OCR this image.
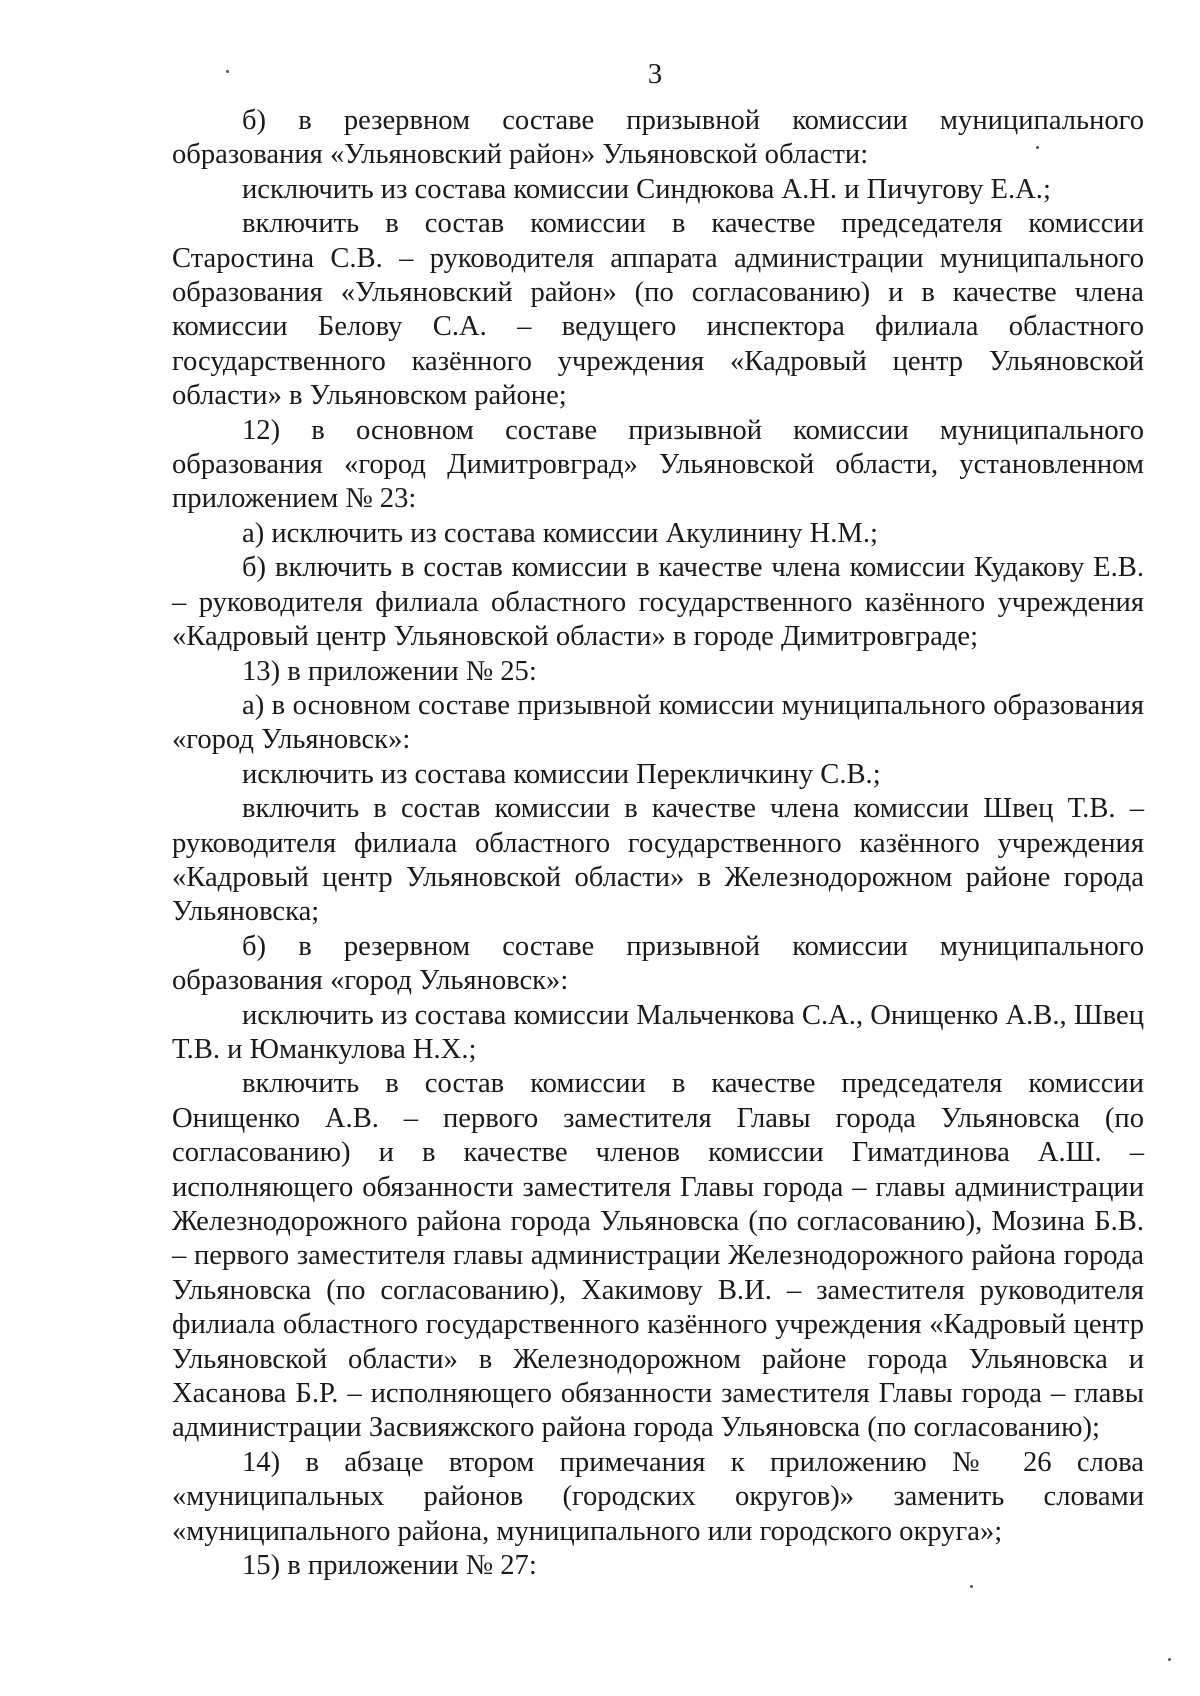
3

б) в резервном составе призывной комиссии муниципального образования «Ульяновский район» Ульяновской области:

исключить из состава комиссии Синдюкова А.Н. и Пичугову Е.А.;

включить в состав комиссии в качестве председателя комиссии Старостина С.В. – руководителя аппарата администрации муниципального образования «Ульяновский район» (по согласованию) и в качестве члена комиссии Белову С.А. – ведущего инспектора филиала областного государственного казённого учреждения «Кадровый центр Ульяновской области» в Ульяновском районе;

12) в основном составе призывной комиссии муниципального образования «город Димитровград» Ульяновской области, установленном приложением № 23:

а) исключить из состава комиссии Акулинину Н.М.;

б) включить в состав комиссии в качестве члена комиссии Кудакову Е.В. – руководителя филиала областного государственного казённого учреждения «Кадровый центр Ульяновской области» в городе Димитровграде;

13) в приложении № 25:

а) в основном составе призывной комиссии муниципального образования «город Ульяновск»:

исключить из состава комиссии Перекличкину С.В.;

включить в состав комиссии в качестве члена комиссии Швец Т.В. – руководителя филиала областного государственного казённого учреждения «Кадровый центр Ульяновской области» в Железнодорожном районе города Ульяновска;

б) в резервном составе призывной комиссии муниципального образования «город Ульяновск»:

исключить из состава комиссии Мальченкова С.А., Онищенко А.В., Швец Т.В. и Юманкулова Н.Х.;

включить в состав комиссии в качестве председателя комиссии Онищенко А.В. – первого заместителя Главы города Ульяновска (по согласованию) и в качестве членов комиссии Гиматдинова А.Ш. – исполняющего обязанности заместителя Главы города – главы администрации Железнодорожного района города Ульяновска (по согласованию), Мозина Б.В. – первого заместителя главы администрации Железнодорожного района города Ульяновска (по согласованию), Хакимову В.И. – заместителя руководителя филиала областного государственного казённого учреждения «Кадровый центр Ульяновской области» в Железнодорожном районе города Ульяновска и Хасанова Б.Р. – исполняющего обязанности заместителя Главы города – главы администрации Засвияжского района города Ульяновска (по согласованию);

14) в абзаце втором примечания к приложению № 26 слова «муниципальных районов (городских округов)» заменить словами «муниципального района, муниципального или городского округа»;

15) в приложении № 27:
